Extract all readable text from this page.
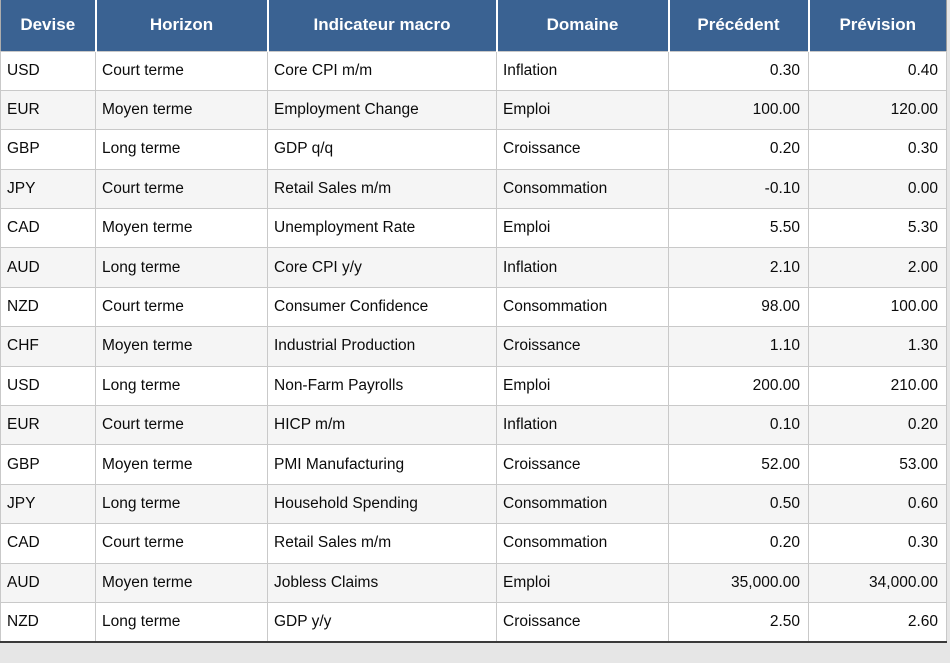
Devise	Horizon	Indicateur macro	Domaine	Précédent	Prévision
USD	Court terme	Core CPI m/m	Inflation	0.30	0.40
EUR	Moyen terme	Employment Change	Emploi	100.00	120.00
GBP	Long terme	GDP q/q	Croissance	0.20	0.30
JPY	Court terme	Retail Sales m/m	Consommation	-0.10	0.00
CAD	Moyen terme	Unemployment Rate	Emploi	5.50	5.30
AUD	Long terme	Core CPI y/y	Inflation	2.10	2.00
NZD	Court terme	Consumer Confidence	Consommation	98.00	100.00
CHF	Moyen terme	Industrial Production	Croissance	1.10	1.30
USD	Long terme	Non-Farm Payrolls	Emploi	200.00	210.00
EUR	Court terme	HICP m/m	Inflation	0.10	0.20
GBP	Moyen terme	PMI Manufacturing	Croissance	52.00	53.00
JPY	Long terme	Household Spending	Consommation	0.50	0.60
CAD	Court terme	Retail Sales m/m	Consommation	0.20	0.30
AUD	Moyen terme	Jobless Claims	Emploi	35,000.00	34,000.00
NZD	Long terme	GDP y/y	Croissance	2.50	2.60
